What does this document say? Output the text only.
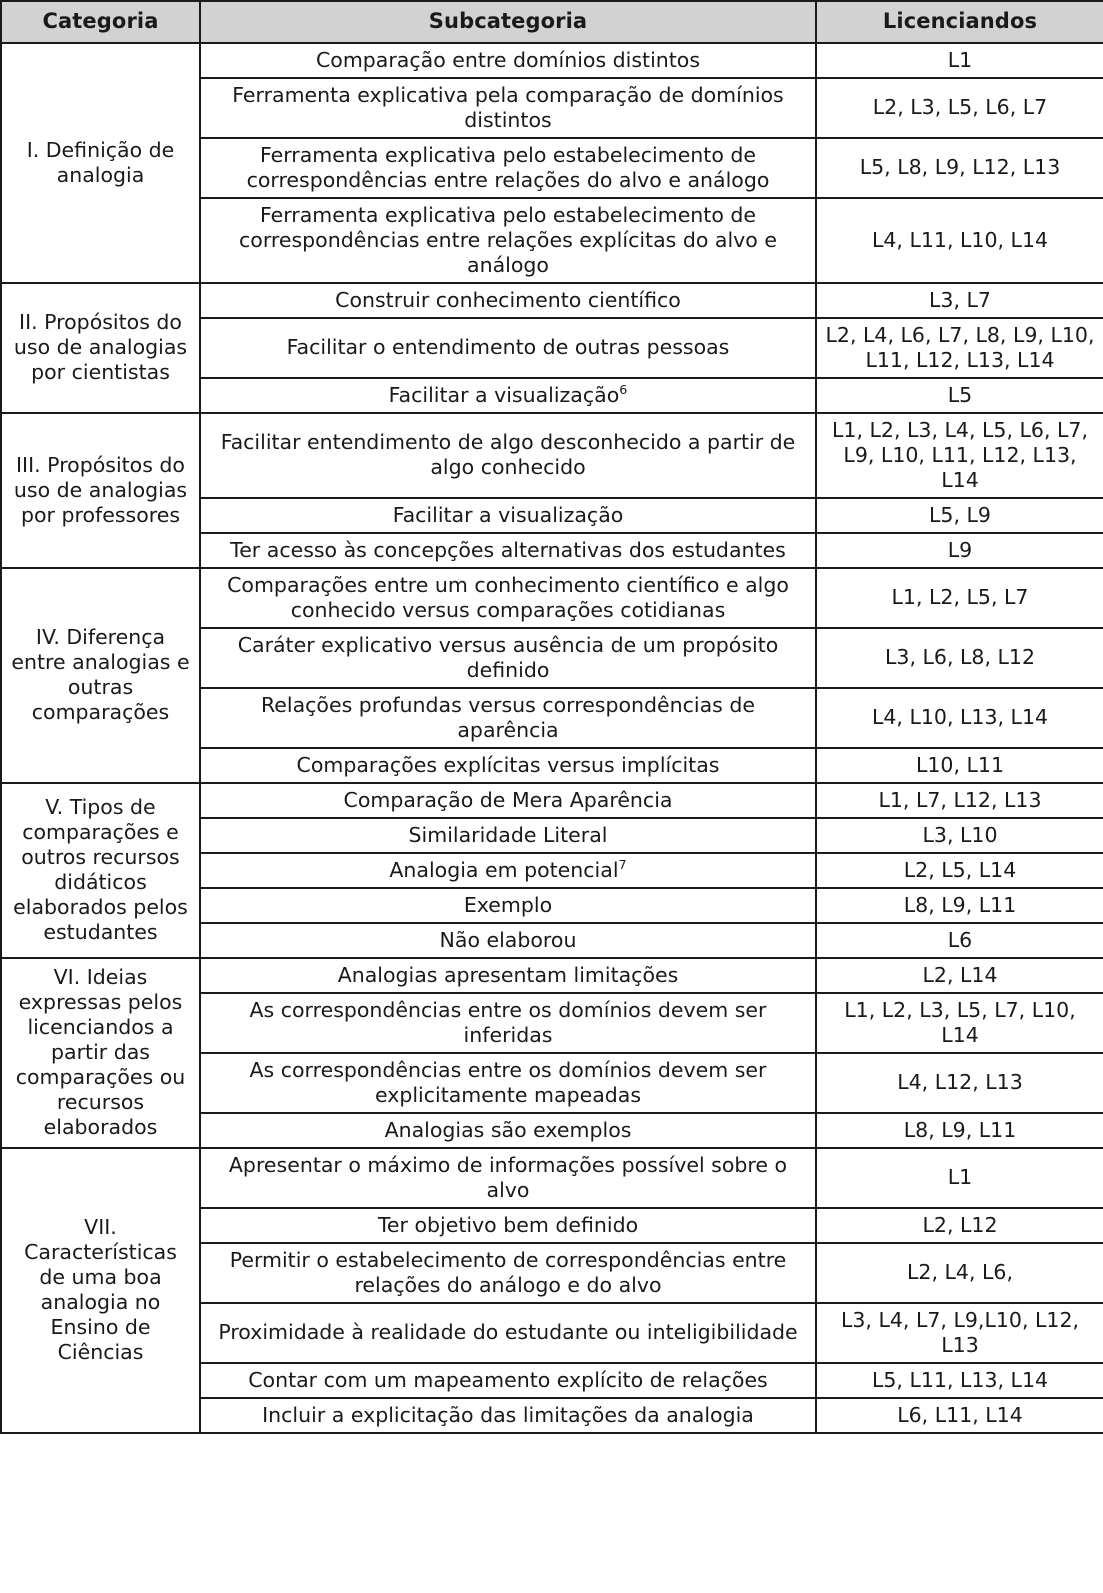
Categoria	Subcategoria	Licenciandos
I. Definição de analogia	Comparação entre domínios distintos	L1
	Ferramenta explicativa pela comparação de domínios distintos	L2, L3, L5, L6, L7
	Ferramenta explicativa pelo estabelecimento de correspondências entre relações do alvo e análogo	L5, L8, L9, L12, L13
	Ferramenta explicativa pelo estabelecimento de correspondências entre relações explícitas do alvo e análogo	L4, L11, L10, L14
II. Propósitos do uso de analogias por cientistas	Construir conhecimento científico	L3, L7
	Facilitar o entendimento de outras pessoas	L2, L4, L6, L7, L8, L9, L10, L11, L12, L13, L14
	Facilitar a visualização$^6$	L5
III. Propósitos do uso de analogias por professores	Facilitar entendimento de algo desconhecido a partir de algo conhecido	L1, L2, L3, L4, L5, L6, L7, L9, L10, L11, L12, L13, L14
	Facilitar a visualização	L5, L9
	Ter acesso às concepções alternativas dos estudantes	L9
IV. Diferença entre analogias e outras comparações	Comparações entre um conhecimento científico e algo conhecido versus comparações cotidianas	L1, L2, L5, L7
	Caráter explicativo versus ausência de um propósito definido	L3, L6, L8, L12
	Relações profundas versus correspondências de aparência	L4, L10, L13, L14
	Comparações explícitas versus implícitas	L10, L11
V. Tipos de comparações e outros recursos didáticos elaborados pelos estudantes	Comparação de Mera Aparência	L1, L7, L12, L13
	Similaridade Literal	L3, L10
	Analogia em potencial$^7$	L2, L5, L14
	Exemplo	L8, L9, L11
	Não elaborou	L6
VI. Ideias expressas pelos licenciandos a partir das comparações ou recursos elaborados	Analogias apresentam limitações	L2, L14
	As correspondências entre os domínios devem ser inferidas	L1, L2, L3, L5, L7, L10, L14
	As correspondências entre os domínios devem ser explicitamente mapeadas	L4, L12, L13
	Analogias são exemplos	L8, L9, L11
VII. Características de uma boa analogia no Ensino de Ciências	Apresentar o máximo de informações possível sobre o alvo	L1
	Ter objetivo bem definido	L2, L12
	Permitir o estabelecimento de correspondências entre relações do análogo e do alvo	L2, L4, L6,
	Proximidade à realidade do estudante ou inteligibilidade	L3, L4, L7, L9,L10, L12, L13
	Contar com um mapeamento explícito de relações	L5, L11, L13, L14
	Incluir a explicitação das limitações da analogia	L6, L11, L14
